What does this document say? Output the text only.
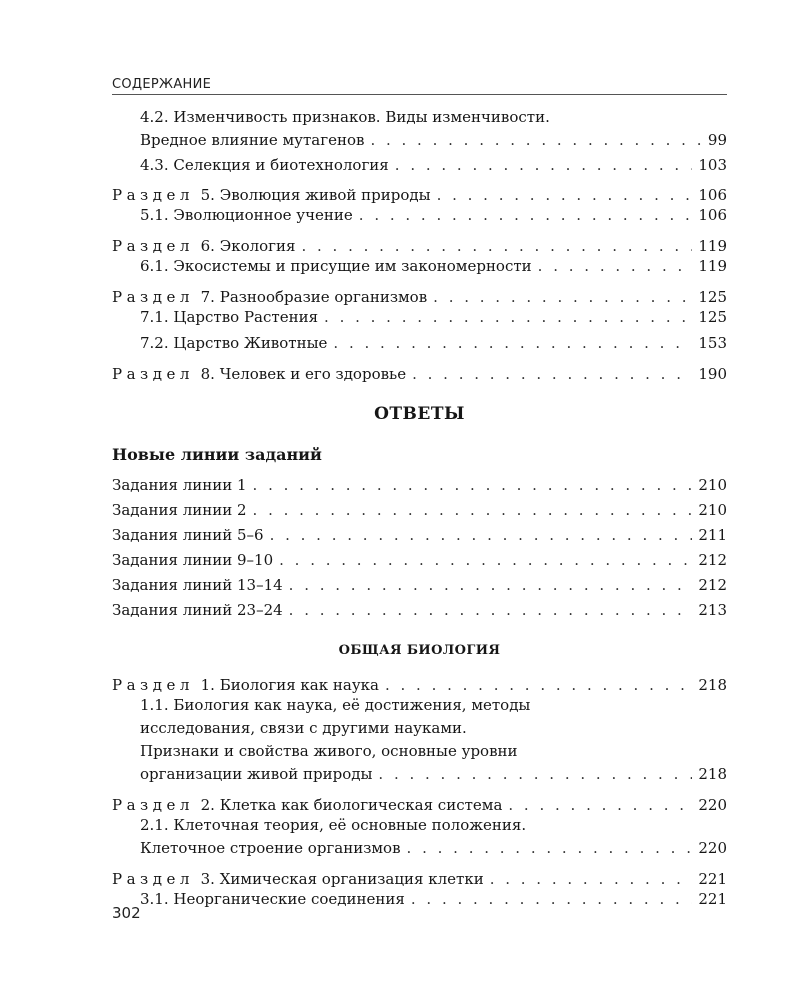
СОДЕРЖАНИЕ
4.2. Изменчивость признаков. Виды изменчивости.
Вредное влияние мутагенов . . .	99
4.3. Селекция и биотехнология . . .	103
Раздел 5. Эволюция живой природы . . .	106
5.1. Эволюционное учение . . .	106
Раздел 6. Экология . . .	119
6.1. Экосистемы и присущие им закономерности . . .	119
Раздел 7. Разнообразие организмов . . .	125
7.1. Царство Растения . . .	125
7.2. Царство Животные . . .	153
Раздел 8. Человек и его здоровье . . .	190
ОТВЕТЫ
Новые линии заданий
Задания линии 1 . . .	210
Задания линии 2 . . .	210
Задания линий 5–6 . . .	211
Задания линии 9–10 . . .	212
Задания линий 13–14 . . .	212
Задания линий 23–24 . . .	213
ОБЩАЯ БИОЛОГИЯ
Раздел 1. Биология как наука . . .	218
1.1. Биология как наука, её достижения, методы
исследования, связи с другими науками.
Признаки и свойства живого, основные уровни
организации живой природы . . .	218
Раздел 2. Клетка как биологическая система . . .	220
2.1. Клеточная теория, её основные положения.
Клеточное строение организмов . . .	220
Раздел 3. Химическая организация клетки . . .	221
3.1. Неорганические соединения . . .	221
302
